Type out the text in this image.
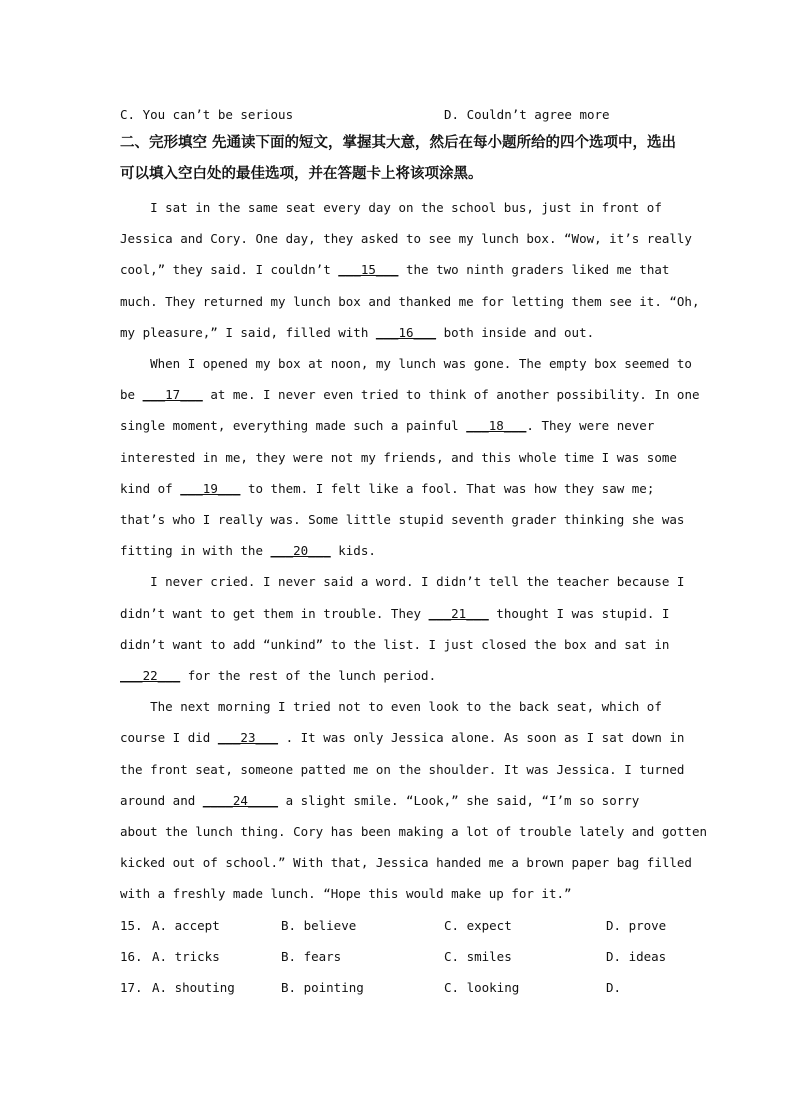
C. You can’t be serious	D. Couldn’t agree more
二、完形填空 先通读下面的短文，掌握其大意，然后在每小题所给的四个选项中，选出可以填入空白处的最佳选项，并在答题卡上将该项涂黑。
I sat in the same seat every day on the school bus, just in front of
Jessica and Cory. One day, they asked to see my lunch box. “Wow, it’s really
cool,” they said. I couldn’t ___15___ the two ninth graders liked me that
much. They returned my lunch box and thanked me for letting them see it. “Oh,
my pleasure,” I said, filled with ___16___ both inside and out.
When I opened my box at noon, my lunch was gone. The empty box seemed to
be ___17___ at me. I never even tried to think of another possibility. In one
single moment, everything made such a painful ___18___. They were never
interested in me, they were not my friends, and this whole time I was some
kind of ___19___ to them. I felt like a fool. That was how they saw me;
that’s who I really was. Some little stupid seventh grader thinking she was
fitting in with the ___20___ kids.
I never cried. I never said a word. I didn’t tell the teacher because I
didn’t want to get them in trouble. They ___21___ thought I was stupid. I
didn’t want to add “unkind” to the list. I just closed the box and sat in
___22___ for the rest of the lunch period.
The next morning I tried not to even look to the back seat, which of
course I did ___23___ . It was only Jessica alone. As soon as I sat down in
the front seat, someone patted me on the shoulder. It was Jessica. I turned
around and ____24____ a slight smile. “Look,” she said, “I’m so sorry
about the lunch thing. Cory has been making a lot of trouble lately and gotten
kicked out of school.” With that, Jessica handed me a brown paper bag filled
with a freshly made lunch. “Hope this would make up for it.”
15. A. accept	B. believe	C. expect	D. prove
16. A. tricks	B. fears	C. smiles	D. ideas
17. A. shouting	B. pointing	C. looking	D.
